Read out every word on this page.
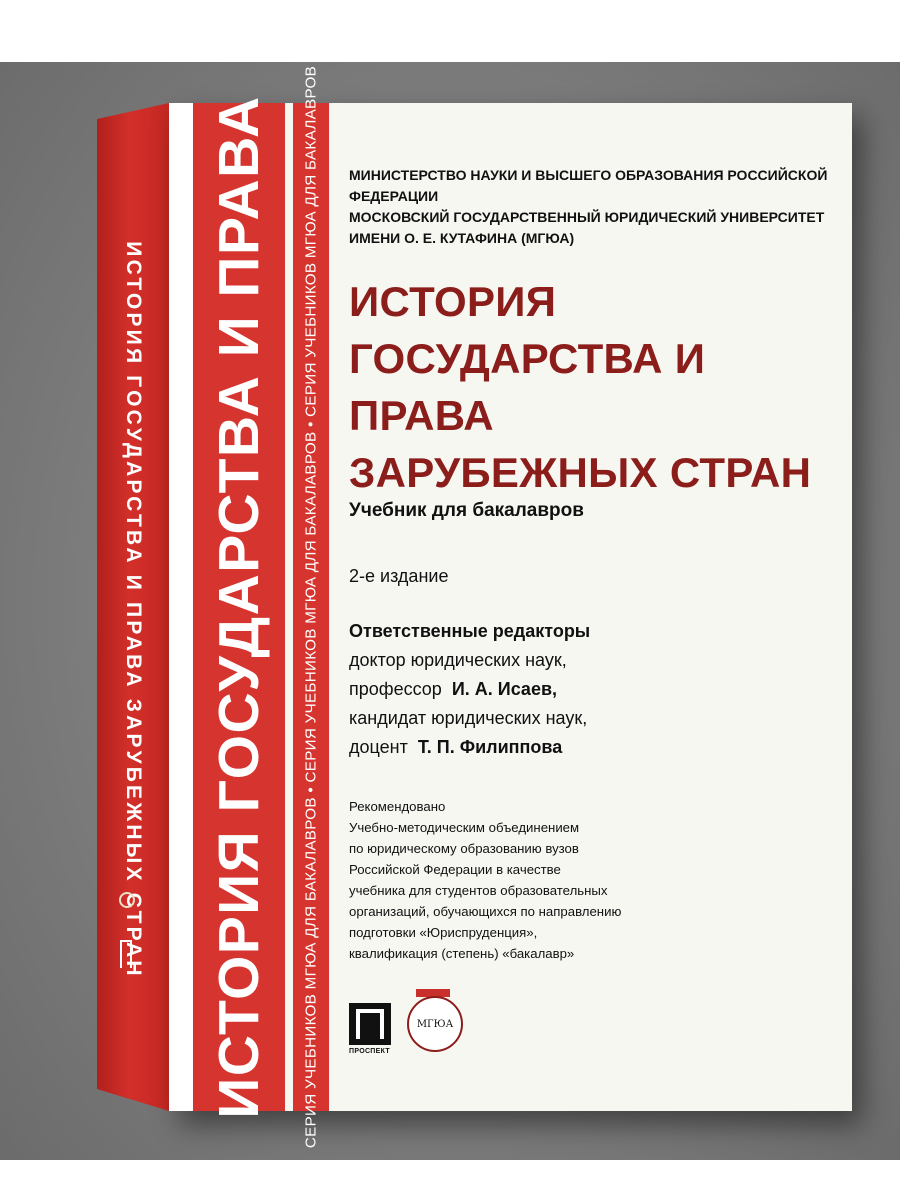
ИСТОРИЯ ГОСУДАРСТВА И ПРАВА ЗАРУБЕЖНЫХ СТРАН ИСТОРИЯ ГОСУДАРСТВА И ПРАВА СЕРИЯ УЧЕБНИКОВ МГЮА ДЛЯ БАКАЛАВРОВ • СЕРИЯ УЧЕБНИКОВ МГЮА ДЛЯ БАКАЛАВРОВ • СЕРИЯ УЧЕБНИКОВ МГЮА ДЛЯ БАКАЛАВРОВ МИНИСТЕРСТВО НАУКИ И ВЫСШЕГО ОБРАЗОВАНИЯ РОССИЙСКОЙ ФЕДЕРАЦИИ
МОСКОВСКИЙ ГОСУДАРСТВЕННЫЙ ЮРИДИЧЕСКИЙ УНИВЕРСИТЕТ
ИМЕНИ О. Е. КУТАФИНА (МГЮА)
ИСТОРИЯ
ГОСУДАРСТВА И ПРАВА
ЗАРУБЕЖНЫХ СТРАН
Учебник для бакалавров
2-е издание
Ответственные редакторы
доктор юридических наук,
профессор И. А. Исаев,
кандидат юридических наук,
доцент Т. П. Филиппова
Рекомендовано
Учебно-методическим объединением
по юридическому образованию вузов
Российской Федерации в качестве
учебника для студентов образовательных
организаций, обучающихся по направлению
подготовки «Юриспруденция»,
квалификация (степень) «бакалавр»
ПРОСПЕКТ
МГЮА
